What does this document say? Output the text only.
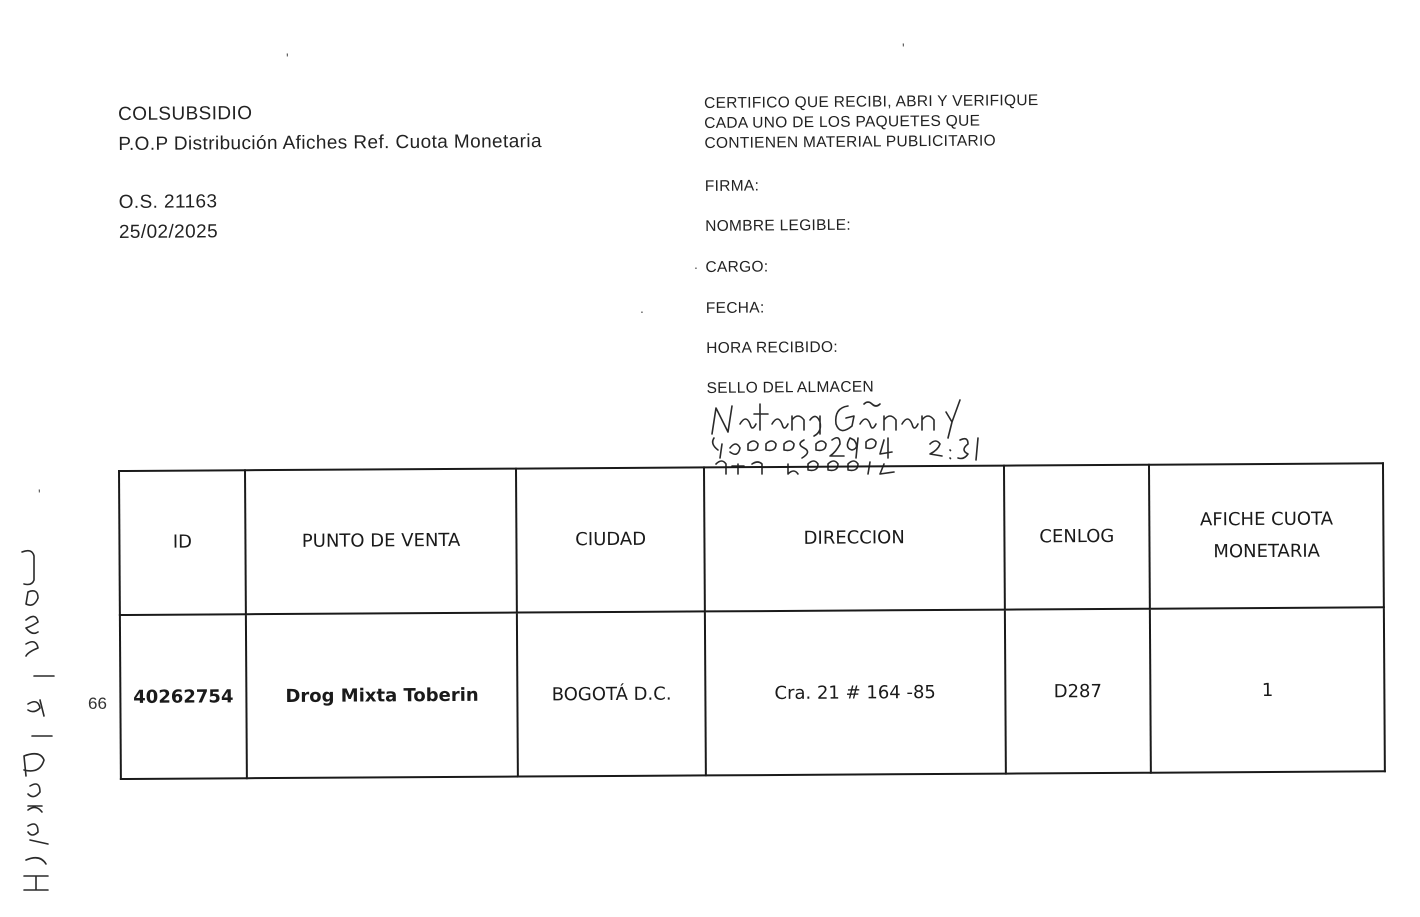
'
'
'
.
.
COLSUBSIDIO
P.O.P Distribución Afiches Ref. Cuota Monetaria
O.S. 21163
25/02/2025
CERTIFICO QUE RECIBI, ABRI Y VERIFIQUE
CADA UNO DE LOS PAQUETES QUE
CONTIENEN MATERIAL PUBLICITARIO
FIRMA:
NOMBRE LEGIBLE:
CARGO:
FECHA:
HORA RECIBIDO:
SELLO DEL ALMACEN
66
ID	PUNTO DE VENTA	CIUDAD	DIRECCION	CENLOG	AFICHE CUOTA
MONETARIA

40262754	Drog Mixta Toberin	BOGOTÁ D.C.	Cra. 21 # 164 -85	D287	1
